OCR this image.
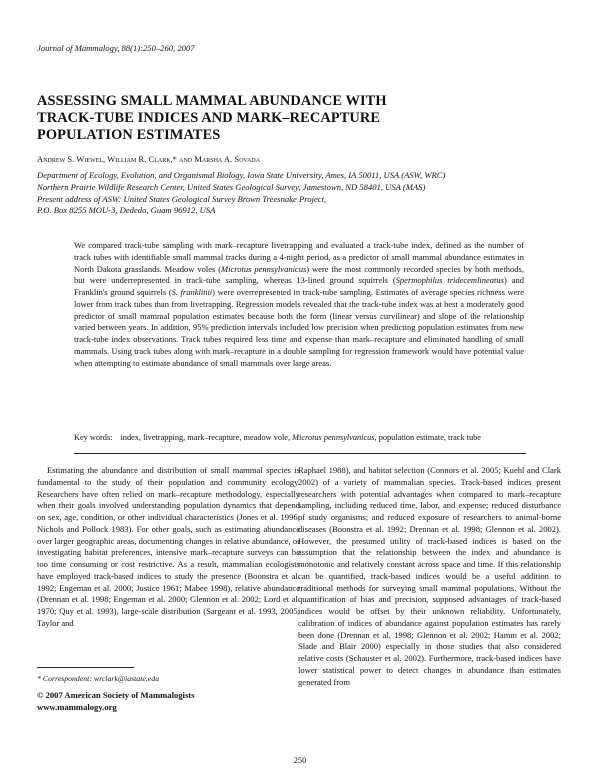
Journal of Mammalogy, 88(1):250–260, 2007
ASSESSING SMALL MAMMAL ABUNDANCE WITH
TRACK-TUBE INDICES AND MARK–RECAPTURE
POPULATION ESTIMATES
Andrew S. Wiewel, William R. Clark,* and Marsha A. Sovada
Department of Ecology, Evolution, and Organismal Biology, Iowa State University, Ames, IA 50011, USA (ASW, WRC)
Northern Prairie Wildlife Research Center, United States Geological Survey, Jamestown, ND 58401, USA (MAS)
Present address of ASW: United States Geological Survey Brown Treesnake Project,
P.O. Box 8255 MOU-3, Dededo, Guam 96912, USA

We compared track-tube sampling with mark–recapture livetrapping and evaluated a track-tube index, defined as the number of track tubes with identifiable small mammal tracks during a 4-night period, as a predictor of small mammal abundance estimates in North Dakota grasslands. Meadow voles (Microtus pennsylvanicus) were the most commonly recorded species by both methods, but were underrepresented in track-tube sampling, whereas 13-lined ground squirrels (Spermophilus tridecemlineatus) and Franklin's ground squirrels (S. franklinii) were overrepresented in track-tube sampling. Estimates of average species richness were lower from track tubes than from livetrapping. Regression models revealed that the track-tube index was at best a moderately good predictor of small mammal population estimates because both the form (linear versus curvilinear) and slope of the relationship varied between years. In addition, 95% prediction intervals included low precision when predicting population estimates from new track-tube index observations. Track tubes required less time and expense than mark–recapture and eliminated handling of small mammals. Using track tubes along with mark–recapture in a double sampling for regression framework would have potential value when attempting to estimate abundance of small mammals over large areas.

Key words: index, livetrapping, mark–recapture, meadow vole, Microtus pennsylvanicus, population estimate, track tube

Estimating the abundance and distribution of small mammal species is fundamental to the study of their population and community ecology. Researchers have often relied on mark–recapture methodology, especially when their goals involved understanding population dynamics that depend on sex, age, condition, or other individual characteristics (Jones et al. 1996; Nichols and Pollock 1983). For other goals, such as estimating abundance over larger geographic areas, documenting changes in relative abundance, or investigating habitat preferences, intensive mark–recapture surveys can be too time consuming or cost restrictive. As a result, mammalian ecologists have employed track-based indices to study the presence (Boonstra et al. 1992; Engeman et al. 2000; Justice 1961; Mabee 1998), relative abundance (Drennan et al. 1998; Engeman et al. 2000; Glennon et al. 2002; Lord et al. 1970; Quy et al. 1993), large-scale distribution (Sargeant et al. 1993, 2005; Taylor and

Raphael 1988), and habitat selection (Connors et al. 2005; Kuehl and Clark 2002) of a variety of mammalian species. Track-based indices present researchers with potential advantages when compared to mark–recapture sampling, including reduced time, labor, and expense; reduced disturbance of study organisms; and reduced exposure of researchers to animal-borne diseases (Boonstra et al. 1992; Drennan et al. 1998; Glennon et al. 2002). However, the presumed utility of track-based indices is based on the assumption that the relationship between the index and abundance is monotonic and relatively constant across space and time. If this relationship can be quantified, track-based indices would be a useful addition to traditional methods for surveying small mammal populations. Without the quantification of bias and precision, supposed advantages of track-based indices would be offset by their unknown reliability. Unfortunately, calibration of indices of abundance against population estimates has rarely been done (Drennan et al. 1998; Glennon et al. 2002; Hamm et al. 2002; Slade and Blair 2000) especially in those studies that also considered relative costs (Schauster et al. 2002). Furthermore, track-based indices have lower statistical power to detect changes in abundance than estimates generated from

* Correspondent: wrclark@iastate.edu
© 2007 American Society of Mammalogists
www.mammalogy.org
250
